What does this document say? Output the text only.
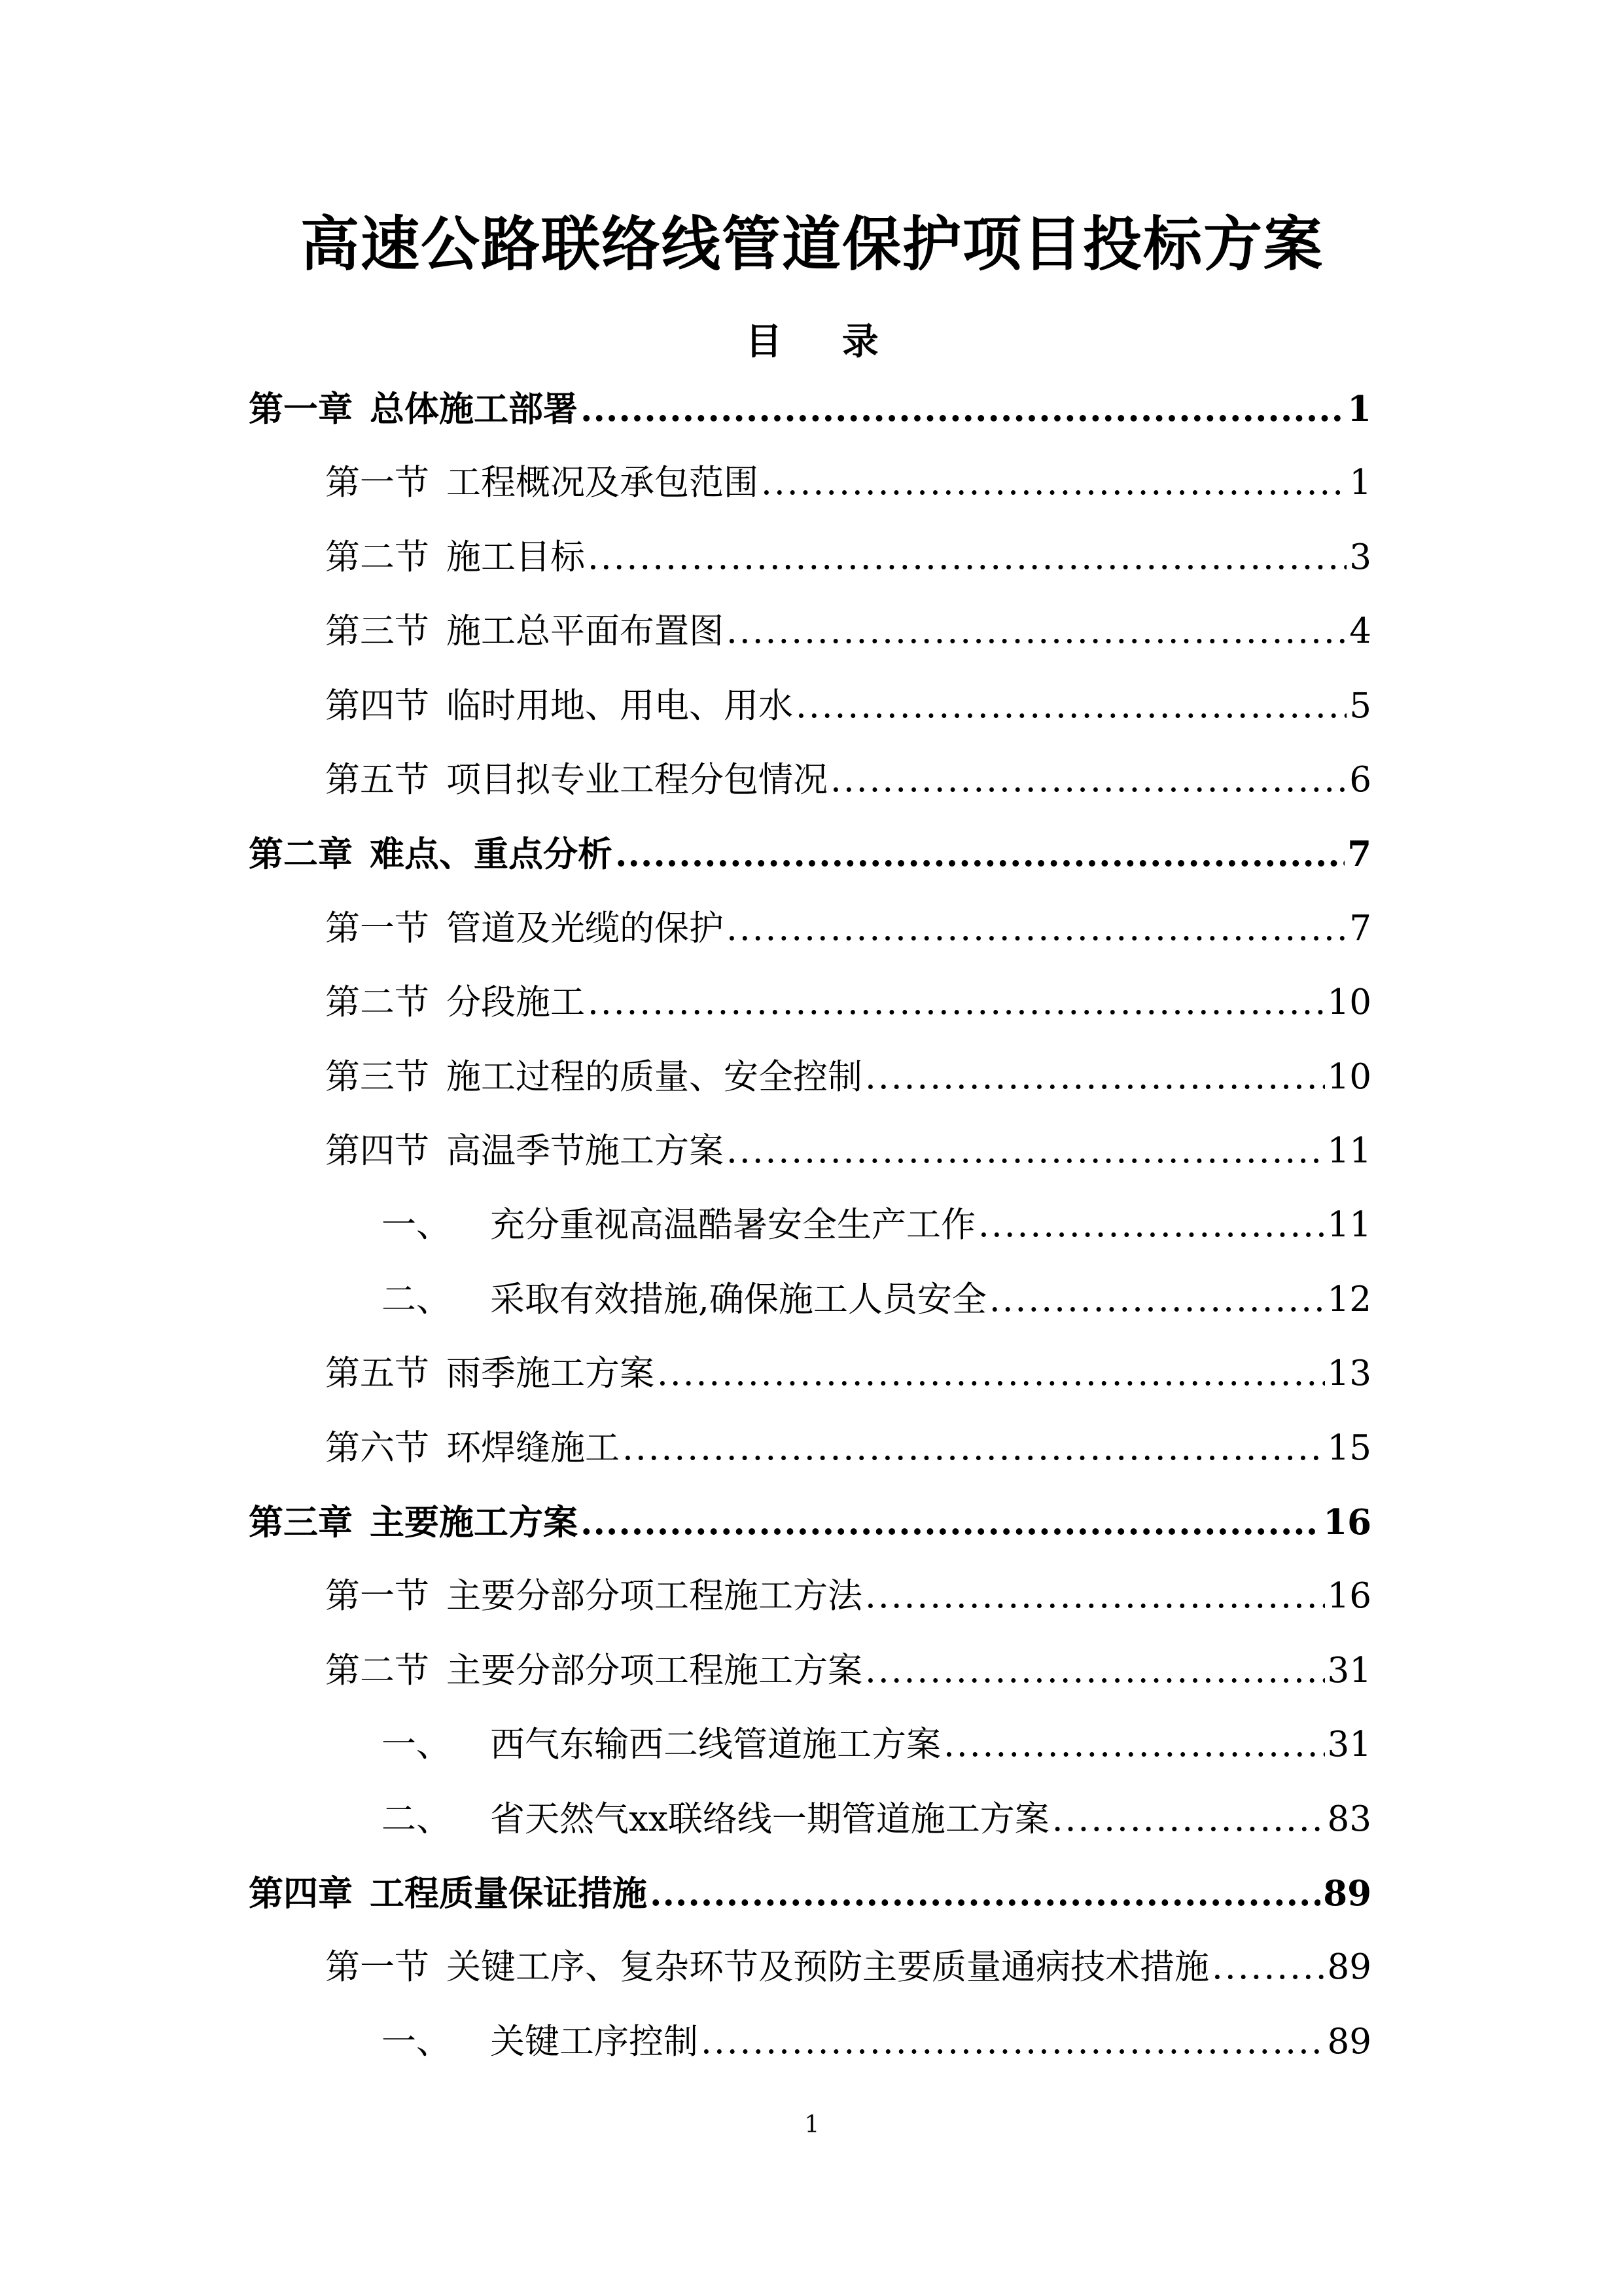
高速公路联络线管道保护项目投标方案
目 录
第一章 总体施工部署 .....	1
第一节 工程概况及承包范围 .....	1
第二节 施工目标 .....	3
第三节 施工总平面布置图 .....	4
第四节 临时用地、用电、用水 .....	5
第五节 项目拟专业工程分包情况 .....	6
第二章 难点、重点分析 .....	7
第一节 管道及光缆的保护 .....	7
第二节 分段施工 .....	10
第三节 施工过程的质量、安全控制 .....	10
第四节 高温季节施工方案 .....	11
一、 充分重视高温酷暑安全生产工作 .....	11
二、 采取有效措施,确保施工人员安全 .....	12
第五节 雨季施工方案 .....	13
第六节 环焊缝施工 .....	15
第三章 主要施工方案 .....	16
第一节 主要分部分项工程施工方法 .....	16
第二节 主要分部分项工程施工方案 .....	31
一、 西气东输西二线管道施工方案 .....	31
二、 省天然气xx联络线一期管道施工方案 .....	83
第四章 工程质量保证措施 .....	89
第一节 关键工序、复杂环节及预防主要质量通病技术措施 .....	89
一、 关键工序控制 .....	89
1
